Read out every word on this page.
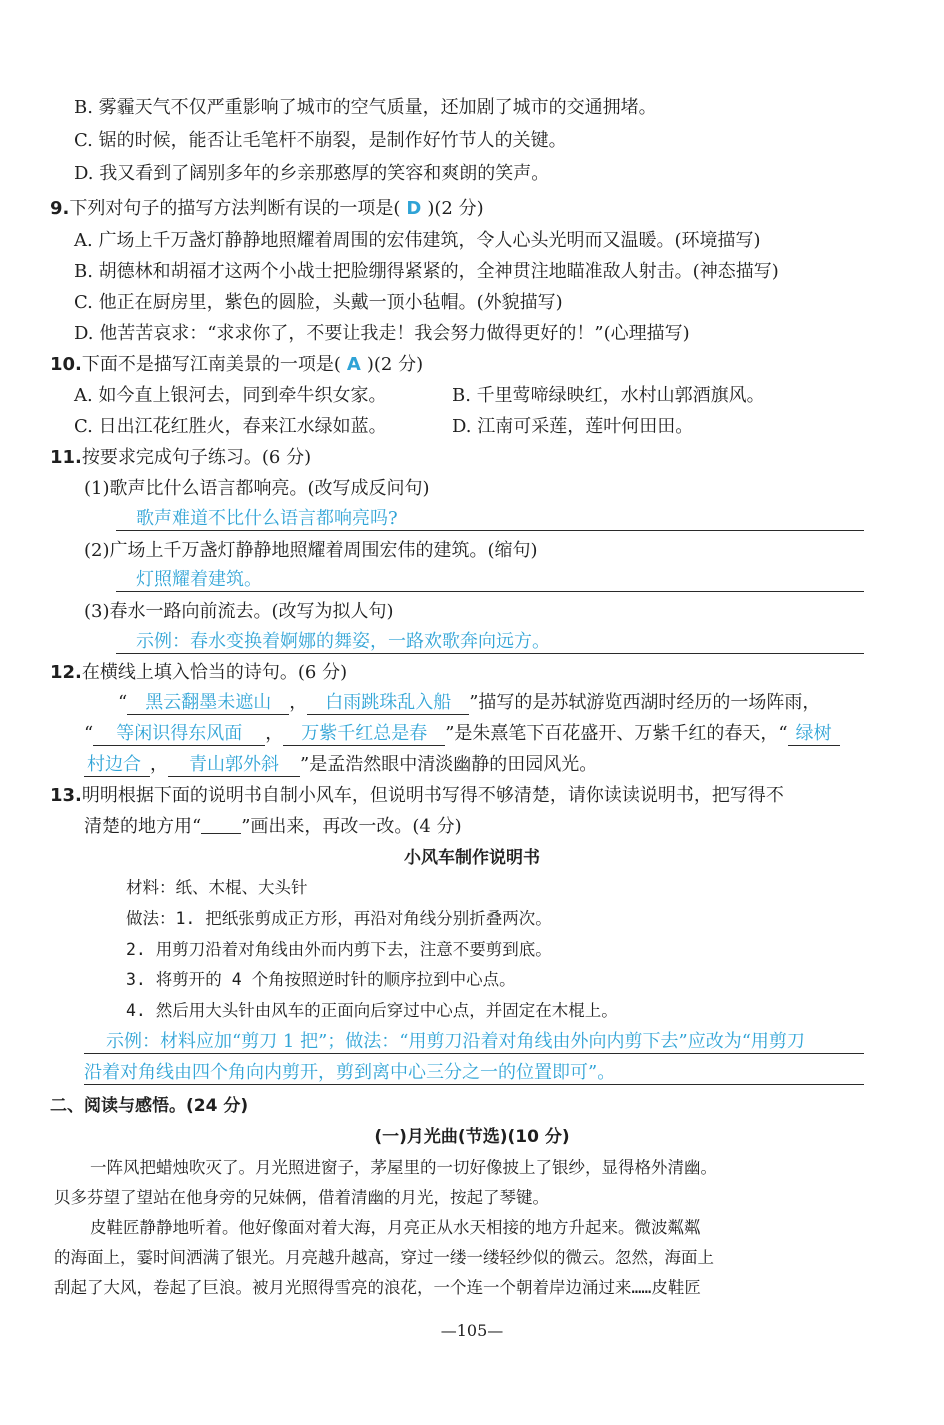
B. 雾霾天气不仅严重影响了城市的空气质量，还加剧了城市的交通拥堵。
C. 锯的时候，能否让毛笔杆不崩裂，是制作好竹节人的关键。
D. 我又看到了阔别多年的乡亲那憨厚的笑容和爽朗的笑声。
9.下列对句子的描写方法判断有误的一项是( D )(2 分)
A. 广场上千万盏灯静静地照耀着周围的宏伟建筑，令人心头光明而又温暖。(环境描写)
B. 胡德林和胡福才这两个小战士把脸绷得紧紧的，全神贯注地瞄准敌人射击。(神态描写)
C. 他正在厨房里，紫色的圆脸，头戴一顶小毡帽。(外貌描写)
D. 他苦苦哀求：“求求你了，不要让我走！我会努力做得更好的！”(心理描写)
10.下面不是描写江南美景的一项是( A )(2 分)
A. 如今直上银河去，同到牵牛织女家。	B. 千里莺啼绿映红，水村山郭酒旗风。
C. 日出江花红胜火，春来江水绿如蓝。	D. 江南可采莲，莲叶何田田。
11.按要求完成句子练习。(6 分)
(1)歌声比什么语言都响亮。(改写成反问句)
歌声难道不比什么语言都响亮吗?
(2)广场上千万盏灯静静地照耀着周围宏伟的建筑。(缩句)
灯照耀着建筑。
(3)春水一路向前流去。(改写为拟人句)
示例：春水变换着婀娜的舞姿，一路欢歌奔向远方。
12.在横线上填入恰当的诗句。(6 分)
“ 黑云翻墨未遮山 ， 白雨跳珠乱入船 ”描写的是苏轼游览西湖时经历的一场阵雨，
“ 等闲识得东风面 ， 万紫千红总是春 ”是朱熹笔下百花盛开、万紫千红的春天，“ 绿树
村边合 ， 青山郭外斜 ”是孟浩然眼中清淡幽静的田园风光。
13.明明根据下面的说明书自制小风车，但说明书写得不够清楚，请你读读说明书，把写得不
清楚的地方用“ ”画出来，再改一改。(4 分)
小风车制作说明书
材料：纸、木棍、大头针
做法：1. 把纸张剪成正方形，再沿对角线分别折叠两次。
2. 用剪刀沿着对角线由外而内剪下去，注意不要剪到底。
3. 将剪开的 4 个角按照逆时针的顺序拉到中心点。
4. 然后用大头针由风车的正面向后穿过中心点，并固定在木棍上。
示例：材料应加“剪刀 1 把”；做法：“用剪刀沿着对角线由外向内剪下去”应改为“用剪刀
沿着对角线由四个角向内剪开，剪到离中心三分之一的位置即可”。
二、阅读与感悟。(24 分)
(一)月光曲(节选)(10 分)
一阵风把蜡烛吹灭了。月光照进窗子，茅屋里的一切好像披上了银纱，显得格外清幽。
贝多芬望了望站在他身旁的兄妹俩，借着清幽的月光，按起了琴键。
皮鞋匠静静地听着。他好像面对着大海，月亮正从水天相接的地方升起来。微波粼粼
的海面上，霎时间洒满了银光。月亮越升越高，穿过一缕一缕轻纱似的微云。忽然，海面上
刮起了大风，卷起了巨浪。被月光照得雪亮的浪花，一个连一个朝着岸边涌过来……皮鞋匠
—105—
